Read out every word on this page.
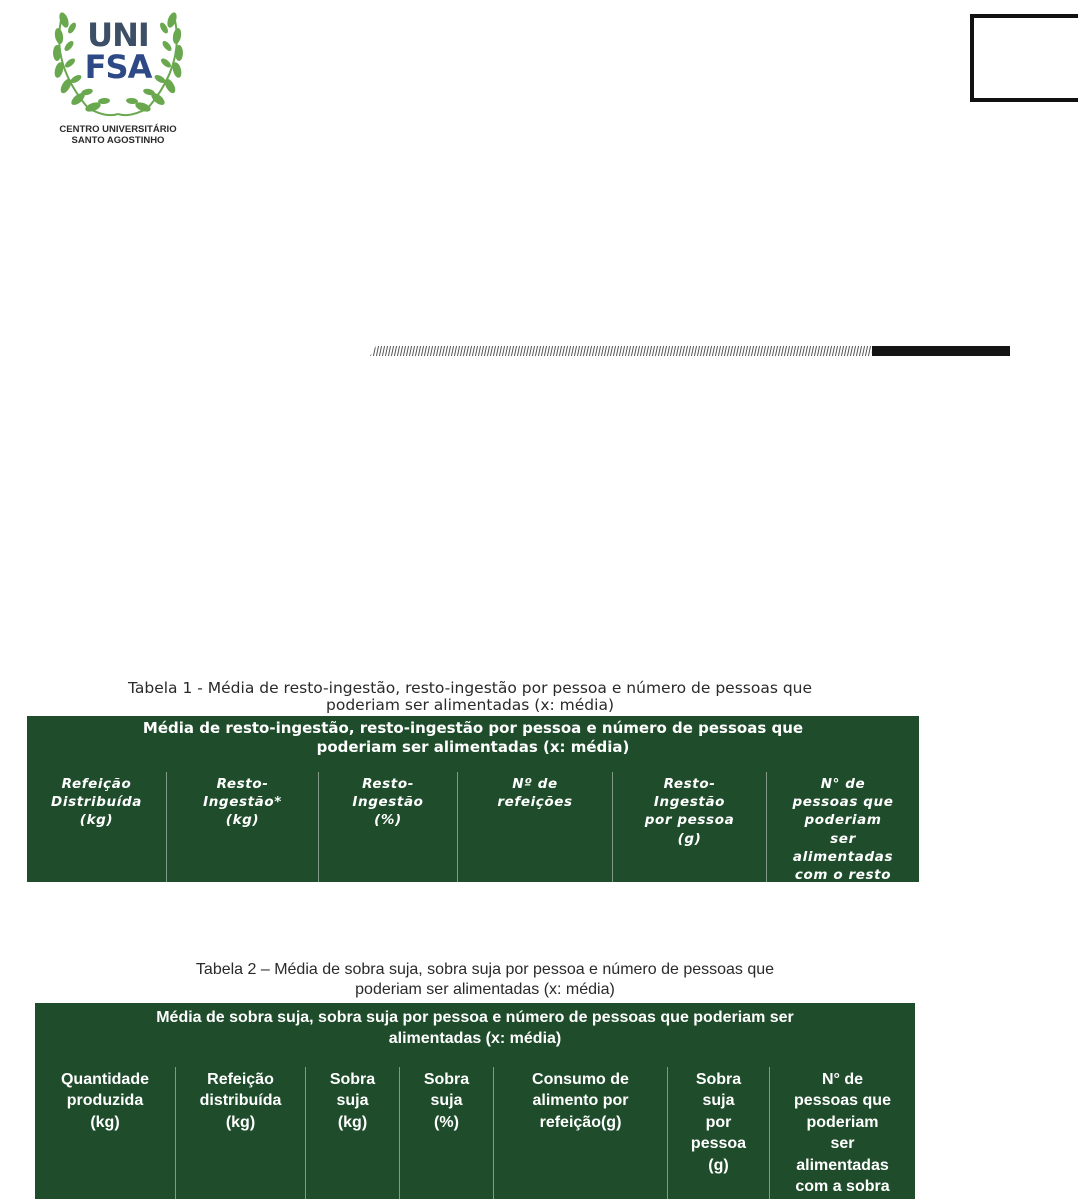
UNI
FSA
CENTRO UNIVERSITÁRIO
SANTO AGOSTINHO
Tabela 1 - Média de resto-ingestão, resto-ingestão por pessoa e número de pessoas que
poderiam ser alimentadas (x: média)
Média de resto-ingestão, resto-ingestão por pessoa e número de pessoas que
poderiam ser alimentadas (x: média)
Refeição
Distribuída
(kg)
Resto-
Ingestão*
(kg)
Resto-
Ingestão
(%)
Nº de
refeições
Resto-
Ingestão
por pessoa
(g)
N° de
pessoas que
poderiam
ser
alimentadas
com o resto
Tabela 2 – Média de sobra suja, sobra suja por pessoa e número de pessoas que
poderiam ser alimentadas (x: média)
Média de sobra suja, sobra suja por pessoa e número de pessoas que poderiam ser
alimentadas (x: média)
Quantidade
produzida
(kg)
Refeição
distribuída
(kg)
Sobra
suja
(kg)
Sobra
suja
(%)
Consumo de
alimento por
refeição(g)
Sobra
suja
por
pessoa
(g)
N° de
pessoas que
poderiam
ser
alimentadas
com a sobra
